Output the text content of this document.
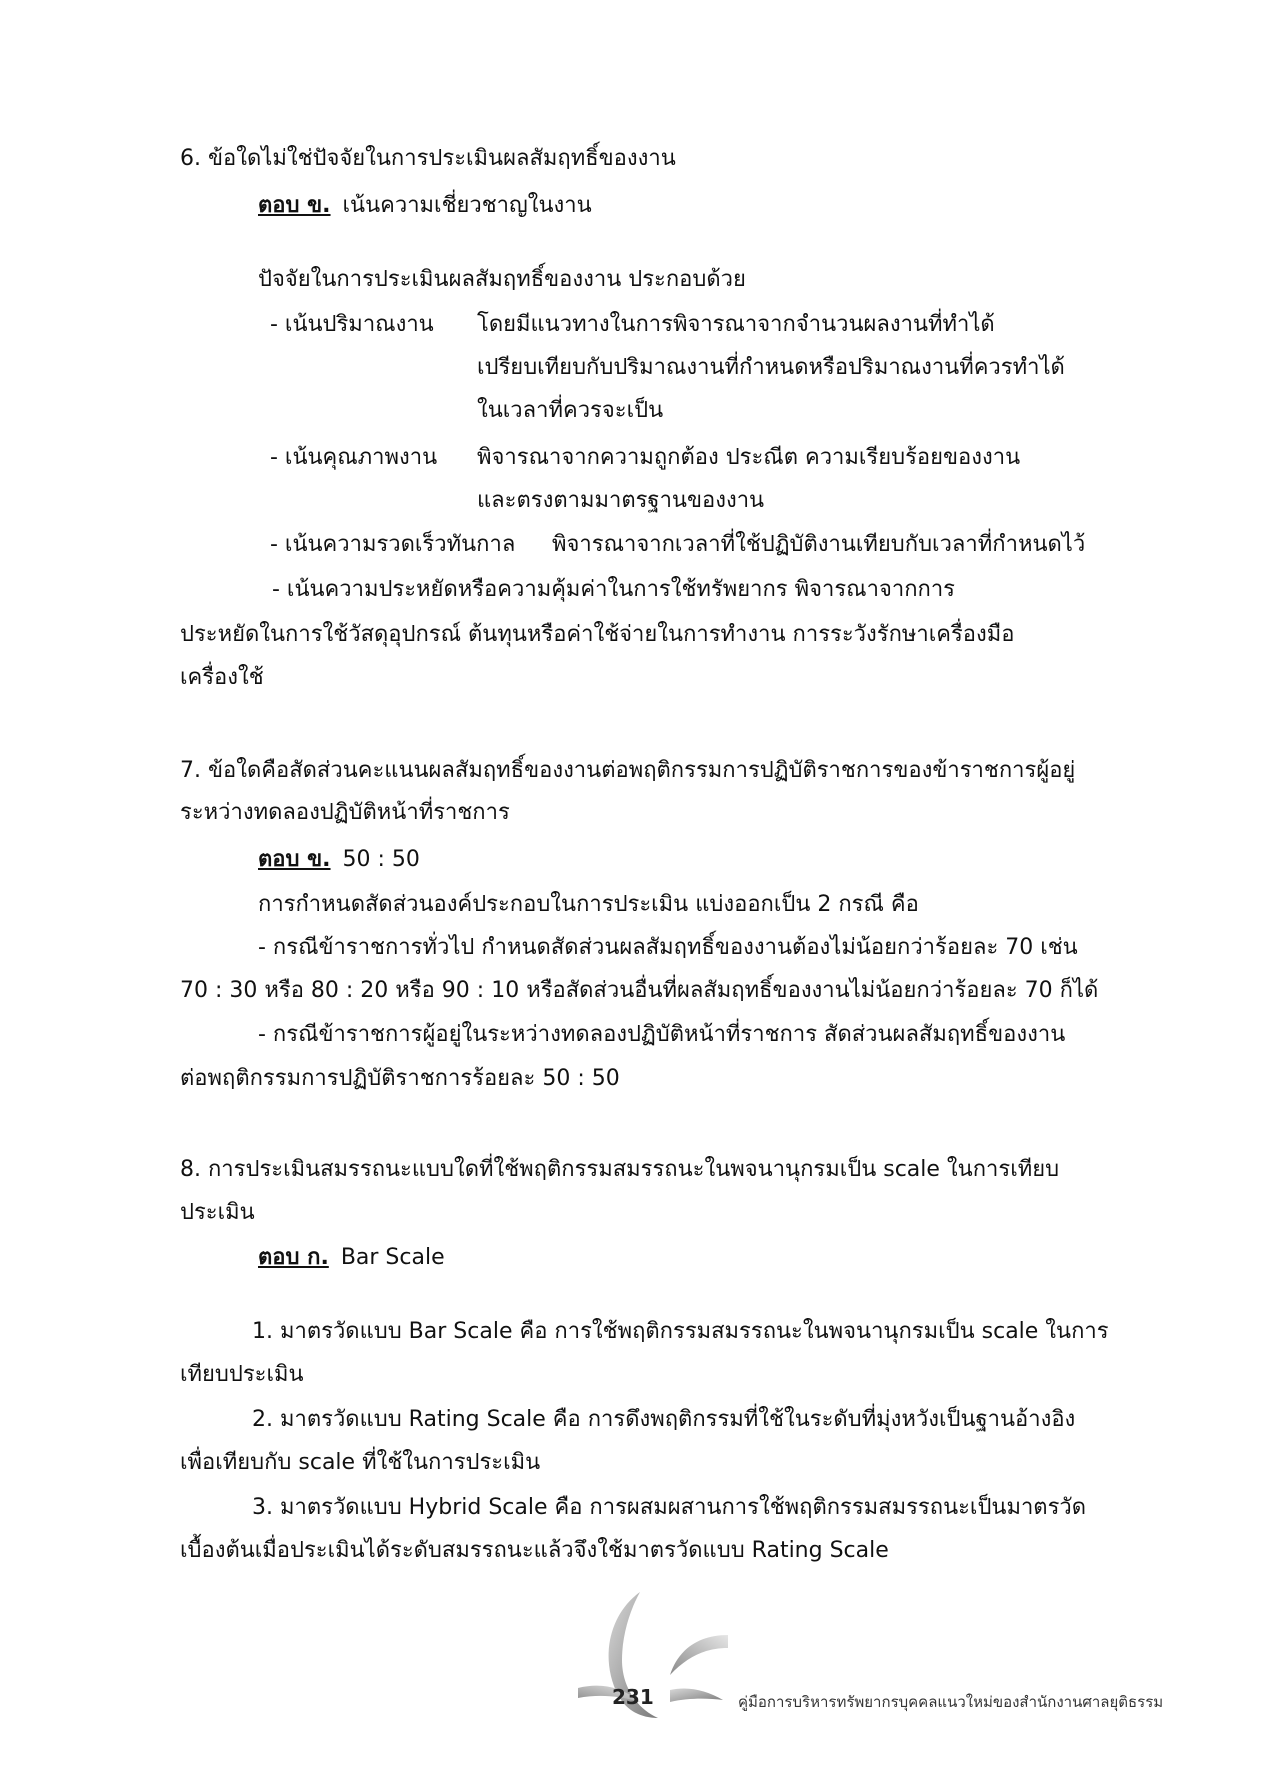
6. ข้อใดไม่ใช่ปัจจัยในการประเมินผลสัมฤทธิ์ของงาน
ตอบ ข. เน้นความเชี่ยวชาญในงาน
ปัจจัยในการประเมินผลสัมฤทธิ์ของงาน ประกอบด้วย
- เน้นปริมาณงาน โดยมีแนวทางในการพิจารณาจากจำนวนผลงานที่ทำได้
เปรียบเทียบกับปริมาณงานที่กำหนดหรือปริมาณงานที่ควรทำได้
ในเวลาที่ควรจะเป็น
- เน้นคุณภาพงาน พิจารณาจากความถูกต้อง ประณีต ความเรียบร้อยของงาน
และตรงตามมาตรฐานของงาน
- เน้นความรวดเร็วทันกาล พิจารณาจากเวลาที่ใช้ปฏิบัติงานเทียบกับเวลาที่กำหนดไว้
- เน้นความประหยัดหรือความคุ้มค่าในการใช้ทรัพยากร พิจารณาจากการ
ประหยัดในการใช้วัสดุอุปกรณ์ ต้นทุนหรือค่าใช้จ่ายในการทำงาน การระวังรักษาเครื่องมือ
เครื่องใช้
7. ข้อใดคือสัดส่วนคะแนนผลสัมฤทธิ์ของงานต่อพฤติกรรมการปฏิบัติราชการของข้าราชการผู้อยู่
ระหว่างทดลองปฏิบัติหน้าที่ราชการ
ตอบ ข. 50 : 50
การกำหนดสัดส่วนองค์ประกอบในการประเมิน แบ่งออกเป็น 2 กรณี คือ
- กรณีข้าราชการทั่วไป กำหนดสัดส่วนผลสัมฤทธิ์ของงานต้องไม่น้อยกว่าร้อยละ 70 เช่น
70 : 30 หรือ 80 : 20 หรือ 90 : 10 หรือสัดส่วนอื่นที่ผลสัมฤทธิ์ของงานไม่น้อยกว่าร้อยละ 70 ก็ได้
- กรณีข้าราชการผู้อยู่ในระหว่างทดลองปฏิบัติหน้าที่ราชการ สัดส่วนผลสัมฤทธิ์ของงาน
ต่อพฤติกรรมการปฏิบัติราชการร้อยละ 50 : 50
8. การประเมินสมรรถนะแบบใดที่ใช้พฤติกรรมสมรรถนะในพจนานุกรมเป็น scale ในการเทียบ
ประเมิน
ตอบ ก. Bar Scale
1. มาตรวัดแบบ Bar Scale คือ การใช้พฤติกรรมสมรรถนะในพจนานุกรมเป็น scale ในการ
เทียบประเมิน
2. มาตรวัดแบบ Rating Scale คือ การดึงพฤติกรรมที่ใช้ในระดับที่มุ่งหวังเป็นฐานอ้างอิง
เพื่อเทียบกับ scale ที่ใช้ในการประเมิน
3. มาตรวัดแบบ Hybrid Scale คือ การผสมผสานการใช้พฤติกรรมสมรรถนะเป็นมาตรวัด
เบื้องต้นเมื่อประเมินได้ระดับสมรรถนะแล้วจึงใช้มาตรวัดแบบ Rating Scale
231	คู่มือการบริหารทรัพยากรบุคคลแนวใหม่ของสำนักงานศาลยุติธรรม
